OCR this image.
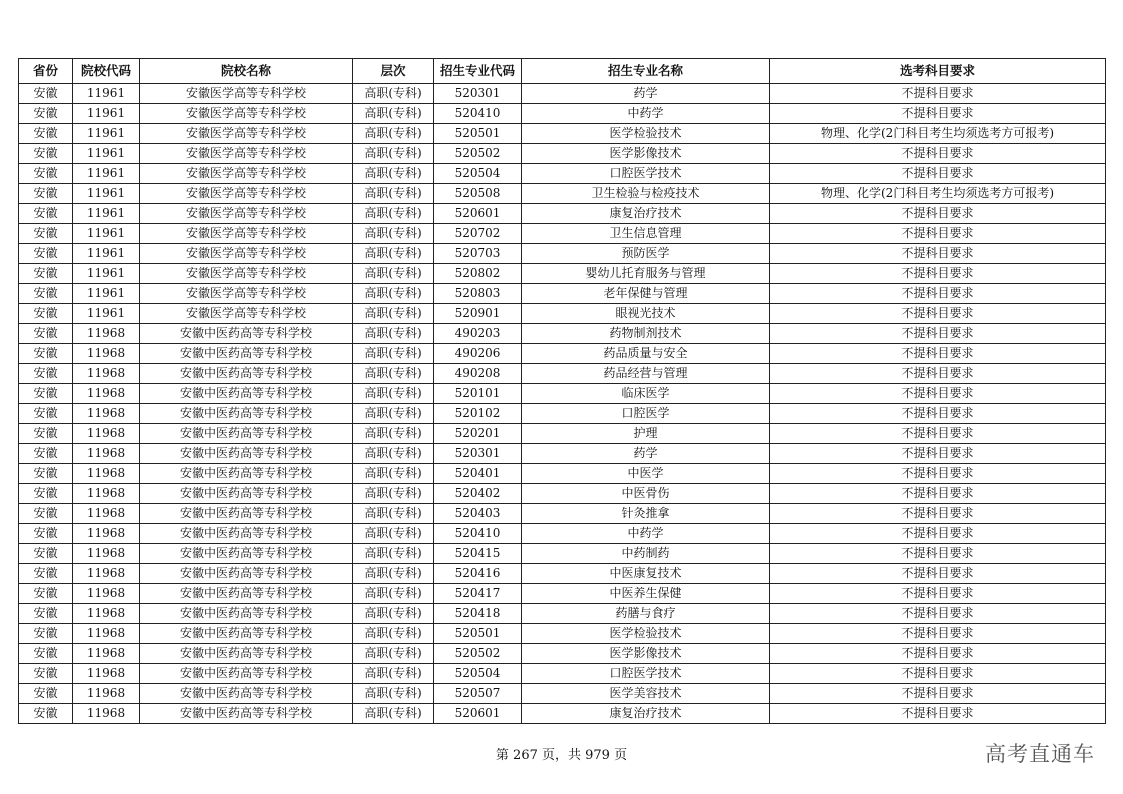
省份	院校代码	院校名称	层次	招生专业代码	招生专业名称	选考科目要求
安徽	11961	安徽医学高等专科学校	高职(专科)	520301	药学	不提科目要求
安徽	11961	安徽医学高等专科学校	高职(专科)	520410	中药学	不提科目要求
安徽	11961	安徽医学高等专科学校	高职(专科)	520501	医学检验技术	物理、化学(2门科目考生均须选考方可报考)
安徽	11961	安徽医学高等专科学校	高职(专科)	520502	医学影像技术	不提科目要求
安徽	11961	安徽医学高等专科学校	高职(专科)	520504	口腔医学技术	不提科目要求
安徽	11961	安徽医学高等专科学校	高职(专科)	520508	卫生检验与检疫技术	物理、化学(2门科目考生均须选考方可报考)
安徽	11961	安徽医学高等专科学校	高职(专科)	520601	康复治疗技术	不提科目要求
安徽	11961	安徽医学高等专科学校	高职(专科)	520702	卫生信息管理	不提科目要求
安徽	11961	安徽医学高等专科学校	高职(专科)	520703	预防医学	不提科目要求
安徽	11961	安徽医学高等专科学校	高职(专科)	520802	婴幼儿托育服务与管理	不提科目要求
安徽	11961	安徽医学高等专科学校	高职(专科)	520803	老年保健与管理	不提科目要求
安徽	11961	安徽医学高等专科学校	高职(专科)	520901	眼视光技术	不提科目要求
安徽	11968	安徽中医药高等专科学校	高职(专科)	490203	药物制剂技术	不提科目要求
安徽	11968	安徽中医药高等专科学校	高职(专科)	490206	药品质量与安全	不提科目要求
安徽	11968	安徽中医药高等专科学校	高职(专科)	490208	药品经营与管理	不提科目要求
安徽	11968	安徽中医药高等专科学校	高职(专科)	520101	临床医学	不提科目要求
安徽	11968	安徽中医药高等专科学校	高职(专科)	520102	口腔医学	不提科目要求
安徽	11968	安徽中医药高等专科学校	高职(专科)	520201	护理	不提科目要求
安徽	11968	安徽中医药高等专科学校	高职(专科)	520301	药学	不提科目要求
安徽	11968	安徽中医药高等专科学校	高职(专科)	520401	中医学	不提科目要求
安徽	11968	安徽中医药高等专科学校	高职(专科)	520402	中医骨伤	不提科目要求
安徽	11968	安徽中医药高等专科学校	高职(专科)	520403	针灸推拿	不提科目要求
安徽	11968	安徽中医药高等专科学校	高职(专科)	520410	中药学	不提科目要求
安徽	11968	安徽中医药高等专科学校	高职(专科)	520415	中药制药	不提科目要求
安徽	11968	安徽中医药高等专科学校	高职(专科)	520416	中医康复技术	不提科目要求
安徽	11968	安徽中医药高等专科学校	高职(专科)	520417	中医养生保健	不提科目要求
安徽	11968	安徽中医药高等专科学校	高职(专科)	520418	药膳与食疗	不提科目要求
安徽	11968	安徽中医药高等专科学校	高职(专科)	520501	医学检验技术	不提科目要求
安徽	11968	安徽中医药高等专科学校	高职(专科)	520502	医学影像技术	不提科目要求
安徽	11968	安徽中医药高等专科学校	高职(专科)	520504	口腔医学技术	不提科目要求
安徽	11968	安徽中医药高等专科学校	高职(专科)	520507	医学美容技术	不提科目要求
安徽	11968	安徽中医药高等专科学校	高职(专科)	520601	康复治疗技术	不提科目要求
第 267 页，共 979 页	高考直通车
